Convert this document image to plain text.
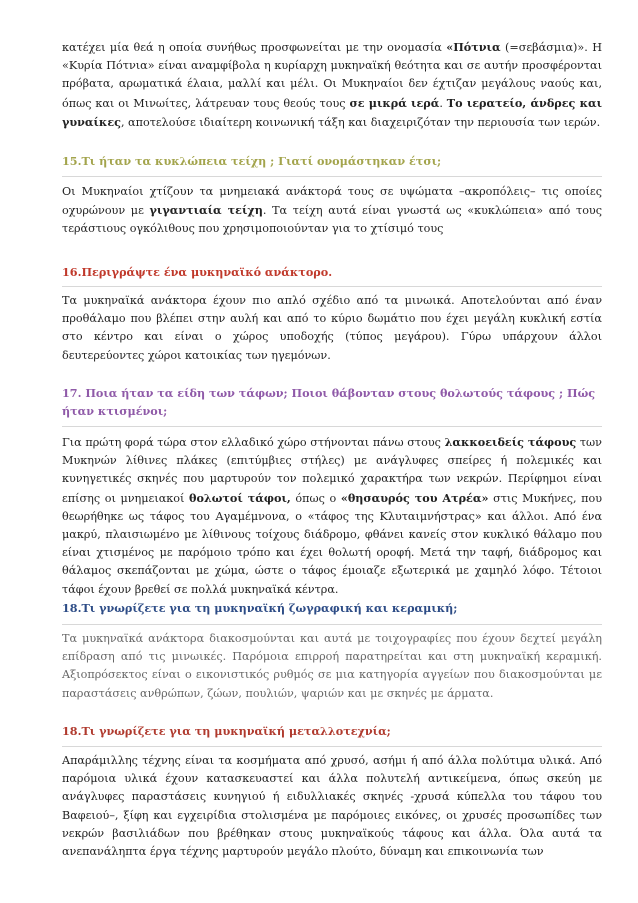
κατέχει μία θεά η οποία συνήθως προσφωνείται με την ονομασία «Πότνια (=σεβάσμια)». Η «Κυρία Πότνια» είναι αναμφίβολα η κυρίαρχη μυκηναϊκή θεότητα και σε αυτήν προσφέρονται πρόβατα, αρωματικά έλαια, μαλλί και μέλι. Οι Μυκηναίοι δεν έχτιζαν μεγάλους ναούς και, όπως και οι Μινωίτες, λάτρευαν τους θεούς τους σε μικρά ιερά. Το ιερατείο, άνδρες και γυναίκες, αποτελούσε ιδιαίτερη κοινωνική τάξη και διαχειριζόταν την περιουσία των ιερών.

15.Τι ήταν τα κυκλώπεια τείχη ; Γιατί ονομάστηκαν έτσι;

Οι Μυκηναίοι χτίζουν τα μνημειακά ανάκτορά τους σε υψώματα –ακροπόλεις– τις οποίες οχυρώνουν με γιγαντιαία τείχη. Τα τείχη αυτά είναι γνωστά ως «κυκλώπεια» από τους τεράστιους ογκόλιθους που χρησιμοποιούνταν για το χτίσιμό τους

16.Περιγράψτε ένα μυκηναϊκό ανάκτορο.

Τα μυκηναϊκά ανάκτορα έχουν πιο απλό σχέδιο από τα μινωικά. Αποτελούνται από έναν προθάλαμο που βλέπει στην αυλή και από το κύριο δωμάτιο που έχει μεγάλη κυκλική εστία στο κέντρο και είναι ο χώρος υποδοχής (τύπος μεγάρου). Γύρω υπάρχουν άλλοι δευτερεύοντες χώροι κατοικίας των ηγεμόνων.

17. Ποια ήταν τα είδη των τάφων; Ποιοι θάβονταν στους θολωτούς τάφους ; Πώς ήταν κτισμένοι;

Για πρώτη φορά τώρα στον ελλαδικό χώρο στήνονται πάνω στους λακκοειδείς τάφους των Μυκηνών λίθινες πλάκες (επιτύμβιες στήλες) με ανάγλυφες σπείρες ή πολεμικές και κυνηγετικές σκηνές που μαρτυρούν τον πολεμικό χαρακτήρα των νεκρών. Περίφημοι είναι επίσης οι μνημειακοί θολωτοί τάφοι, όπως ο «θησαυρός του Ατρέα» στις Μυκήνες, που θεωρήθηκε ως τάφος του Αγαμέμνονα, ο «τάφος της Κλυταιμνήστρας» και άλλοι. Από ένα μακρύ, πλαισιωμένο με λίθινους τοίχους διάδρομο, φθάνει κανείς στον κυκλικό θάλαμο που είναι χτισμένος με παρόμοιο τρόπο και έχει θολωτή οροφή. Μετά την ταφή, διάδρομος και θάλαμος σκεπάζονται με χώμα, ώστε ο τάφος έμοιαζε εξωτερικά με χαμηλό λόφο. Τέτοιοι τάφοι έχουν βρεθεί σε πολλά μυκηναϊκά κέντρα.

18.Τι γνωρίζετε για τη μυκηναϊκή ζωγραφική και κεραμική;

Τα μυκηναϊκά ανάκτορα διακοσμούνται και αυτά με τοιχογραφίες που έχουν δεχτεί μεγάλη επίδραση από τις μινωικές. Παρόμοια επιρροή παρατηρείται και στη μυκηναϊκή κεραμική. Αξιοπρόσεκτος είναι ο εικονιστικός ρυθμός σε μια κατηγορία αγγείων που διακοσμούνται με παραστάσεις ανθρώπων, ζώων, πουλιών, ψαριών και με σκηνές με άρματα.

18.Τι γνωρίζετε για τη μυκηναϊκή μεταλλοτεχνία;

Απαράμιλλης τέχνης είναι τα κοσμήματα από χρυσό, ασήμι ή από άλλα πολύτιμα υλικά. Από παρόμοια υλικά έχουν κατασκευαστεί και άλλα πολυτελή αντικείμενα, όπως σκεύη με ανάγλυφες παραστάσεις κυνηγιού ή ειδυλλιακές σκηνές -χρυσά κύπελλα του τάφου του Βαφειού–, ξίφη και εγχειρίδια στολισμένα με παρόμοιες εικόνες, οι χρυσές προσωπίδες των νεκρών βασιλιάδων που βρέθηκαν στους μυκηναϊκούς τάφους και άλλα. Όλα αυτά τα ανεπανάληπτα έργα τέχνης μαρτυρούν μεγάλο πλούτο, δύναμη και επικοινωνία των
